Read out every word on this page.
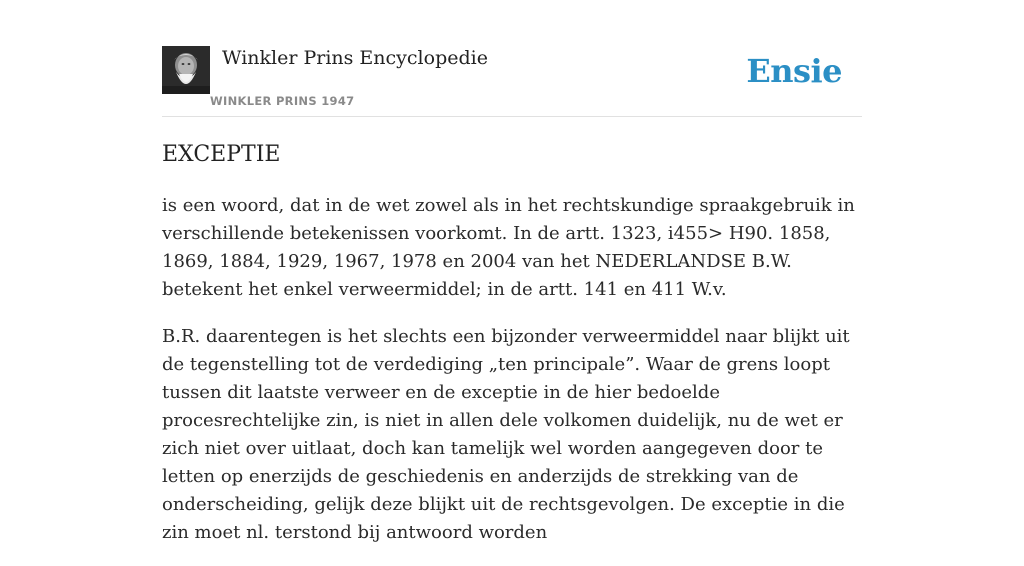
Winkler Prins Encyclopedie
WINKLER PRINS 1947
Ensie
EXCEPTIE

is een woord, dat in de wet zowel als in het rechtskundige spraakgebruik in verschillende betekenissen voorkomt. In de artt. 1323, i455> H90. 1858, 1869, 1884, 1929, 1967, 1978 en 2004 van het NEDERLANDSE B.W. betekent het enkel verweermiddel; in de artt. 141 en 411 W.v.

B.R. daarentegen is het slechts een bijzonder verweermiddel naar blijkt uit de tegenstelling tot de verdediging „ten principale”. Waar de grens loopt tussen dit laatste verweer en de exceptie in de hier bedoelde procesrechtelijke zin, is niet in allen dele volkomen duidelijk, nu de wet er zich niet over uitlaat, doch kan tamelijk wel worden aangegeven door te letten op enerzijds de geschiedenis en anderzijds de strekking van de onderscheiding, gelijk deze blijkt uit de rechtsgevolgen. De exceptie in die zin moet nl. terstond bij antwoord worden
